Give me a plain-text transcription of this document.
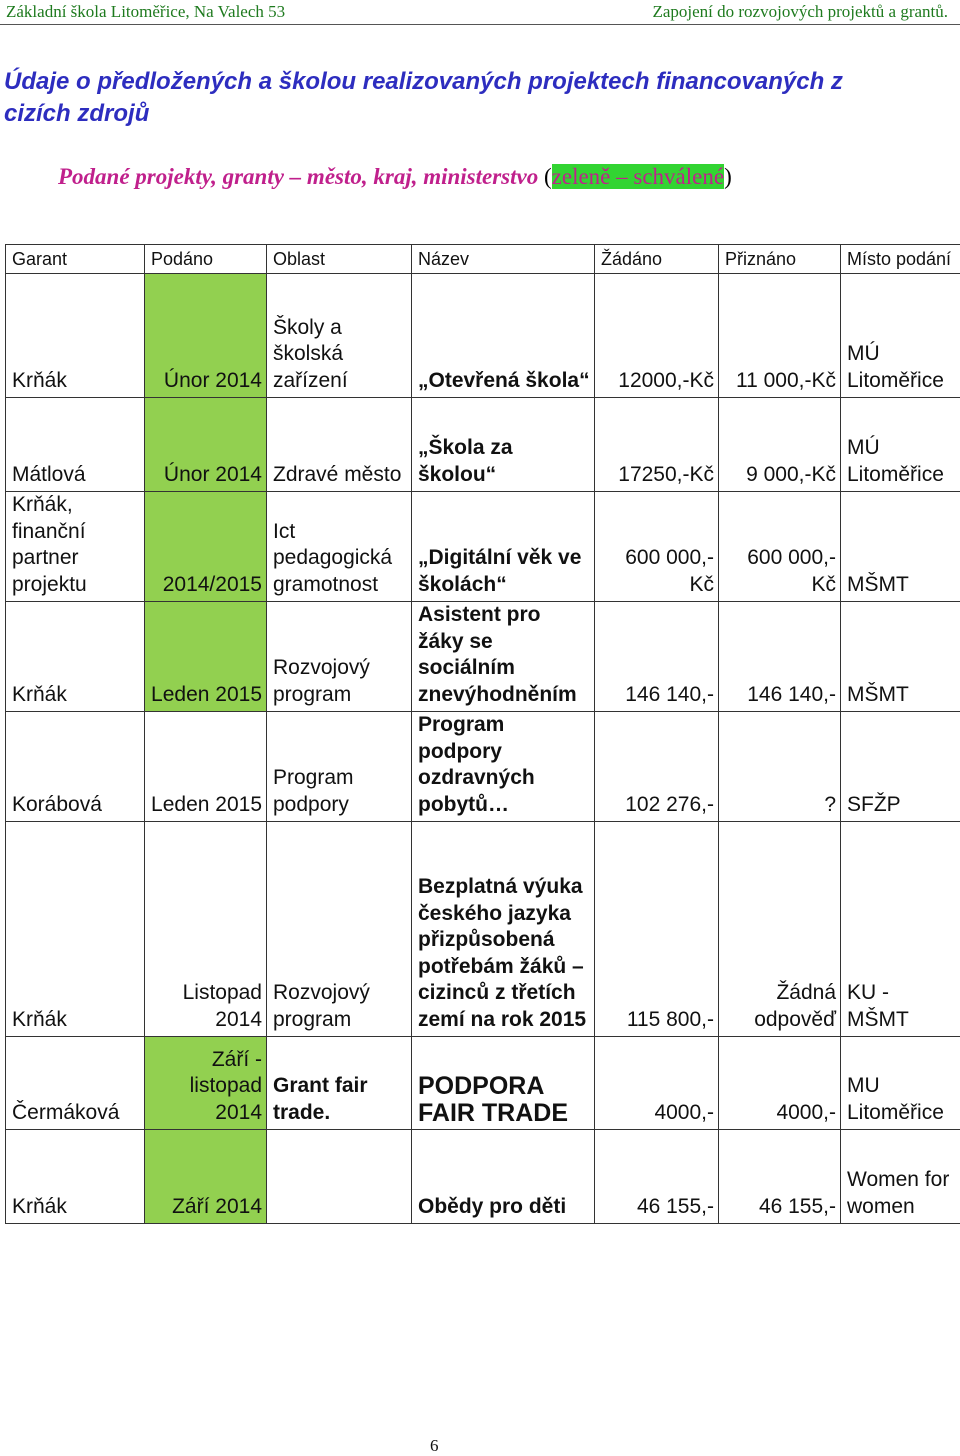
Základní škola Litoměřice, Na Valech 53	Zapojení do rozvojových projektů a grantů.
Údaje o předložených a školou realizovaných projektech financovaných z cizích zdrojů
Podané projekty, granty – město, kraj, ministerstvo (zeleně – schválené)
Garant	Podáno	Oblast	Název	Žádáno	Přiznáno	Místo podání
Krňák	Únor 2014	Školy a školská zařízení	„Otevřená škola“	12000,-Kč	11 000,-Kč	MÚ Litoměřice
Mátlová	Únor 2014	Zdravé město	„Škola za školou“	17250,-Kč	9 000,-Kč	MÚ Litoměřice
Krňák, finanční partner projektu	2014/2015	Ict pedagogická gramotnost	„Digitální věk ve školách“	600 000,-Kč	600 000,-Kč	MŠMT
Krňák	Leden 2015	Rozvojový program	Asistent pro žáky se sociálním znevýhodněním	146 140,-	146 140,-	MŠMT
Korábová	Leden 2015	Program podpory	Program podpory ozdravných pobytů…	102 276,-	?	SFŽP
Krňák	Listopad 2014	Rozvojový program	Bezplatná výuka českého jazyka přizpůsobená potřebám žáků – cizinců z třetích zemí na rok 2015	115 800,-	Žádná odpověď	KU - MŠMT
Čermáková	Září - listopad 2014	Grant fair trade.	PODPORA FAIR TRADE	4000,-	4000,-	MU Litoměřice
Krňák	Září 2014		Obědy pro děti	46 155,-	46 155,-	Women for women
6
